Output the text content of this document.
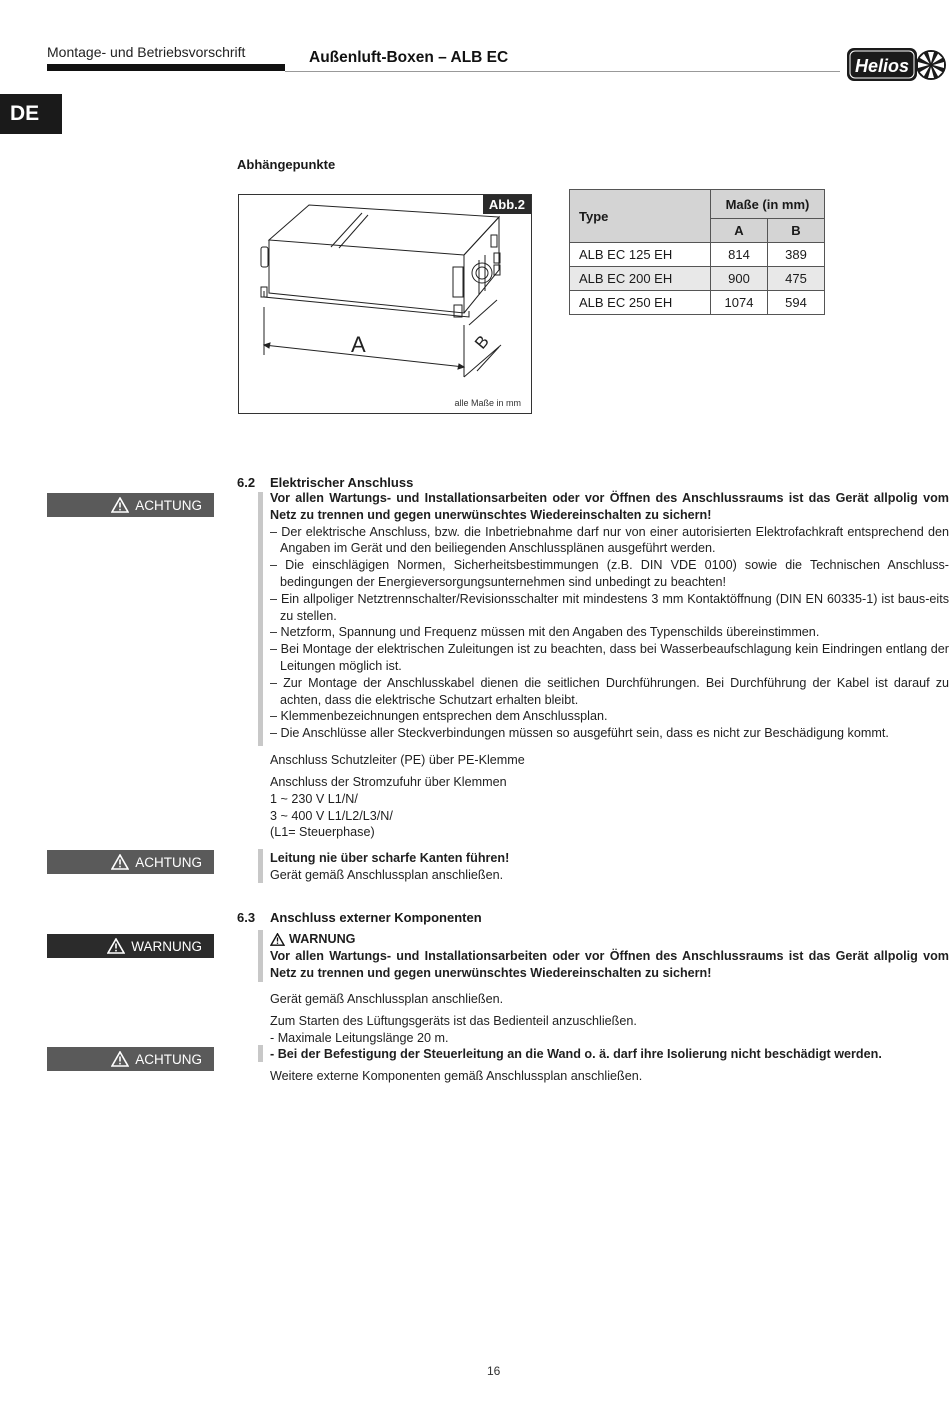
Montage- und Betriebsvorschrift	Außenluft-Boxen – ALB EC	Helios
DE
Abhängepunkte
Abb.2
A	B
alle Maße in mm
Type	Maße (in mm)	
	A	B
ALB EC 125 EH	814	389
ALB EC 200 EH	900	475
ALB EC 250 EH	1074	594
6.2 Elektrischer Anschluss
ACHTUNG	Vor allen Wartungs- und Installationsarbeiten oder vor Öffnen des Anschlussraums ist das Gerät allpolig vom Netz zu trennen und gegen unerwünschtes Wiedereinschalten zu sichern!
– Der elektrische Anschluss, bzw. die Inbetriebnahme darf nur von einer autorisierten Elektrofachkraft entsprechend den Angaben im Gerät und den beiliegenden Anschlussplänen ausgeführt werden.
– Die einschlägigen Normen, Sicherheitsbestimmungen (z.B. DIN VDE 0100) sowie die Technischen Anschluss-bedingungen der Energieversorgungsunternehmen sind unbedingt zu beachten!
– Ein allpoliger Netztrennschalter/Revisionsschalter mit mindestens 3 mm Kontaktöffnung (DIN EN 60335-1) ist baus-eits zu stellen.
– Netzform, Spannung und Frequenz müssen mit den Angaben des Typenschilds übereinstimmen.
– Bei Montage der elektrischen Zuleitungen ist zu beachten, dass bei Wasserbeaufschlagung kein Eindringen entlang der Leitungen möglich ist.
– Zur Montage der Anschlusskabel dienen die seitlichen Durchführungen. Bei Durchführung der Kabel ist darauf zu achten, dass die elektrische Schutzart erhalten bleibt.
– Klemmenbezeichnungen entsprechen dem Anschlussplan.
– Die Anschlüsse aller Steckverbindungen müssen so ausgeführt sein, dass es nicht zur Beschädigung kommt.
Anschluss Schutzleiter (PE) über PE-Klemme
Anschluss der Stromzufuhr über Klemmen
1 ~ 230 V L1/N/
3 ~ 400 V L1/L2/L3/N/
(L1= Steuerphase)
ACHTUNG	Leitung nie über scharfe Kanten führen!
Gerät gemäß Anschlussplan anschließen.
6.3 Anschluss externer Komponenten
WARNUNG	WARNUNG
Vor allen Wartungs- und Installationsarbeiten oder vor Öffnen des Anschlussraums ist das Gerät allpolig vom Netz zu trennen und gegen unerwünschtes Wiedereinschalten zu sichern!
Gerät gemäß Anschlussplan anschließen.
Zum Starten des Lüftungsgeräts ist das Bedienteil anzuschließen.
- Maximale Leitungslänge 20 m.
ACHTUNG	- Bei der Befestigung der Steuerleitung an die Wand o. ä. darf ihre Isolierung nicht beschädigt werden.
Weitere externe Komponenten gemäß Anschlussplan anschließen.
16
